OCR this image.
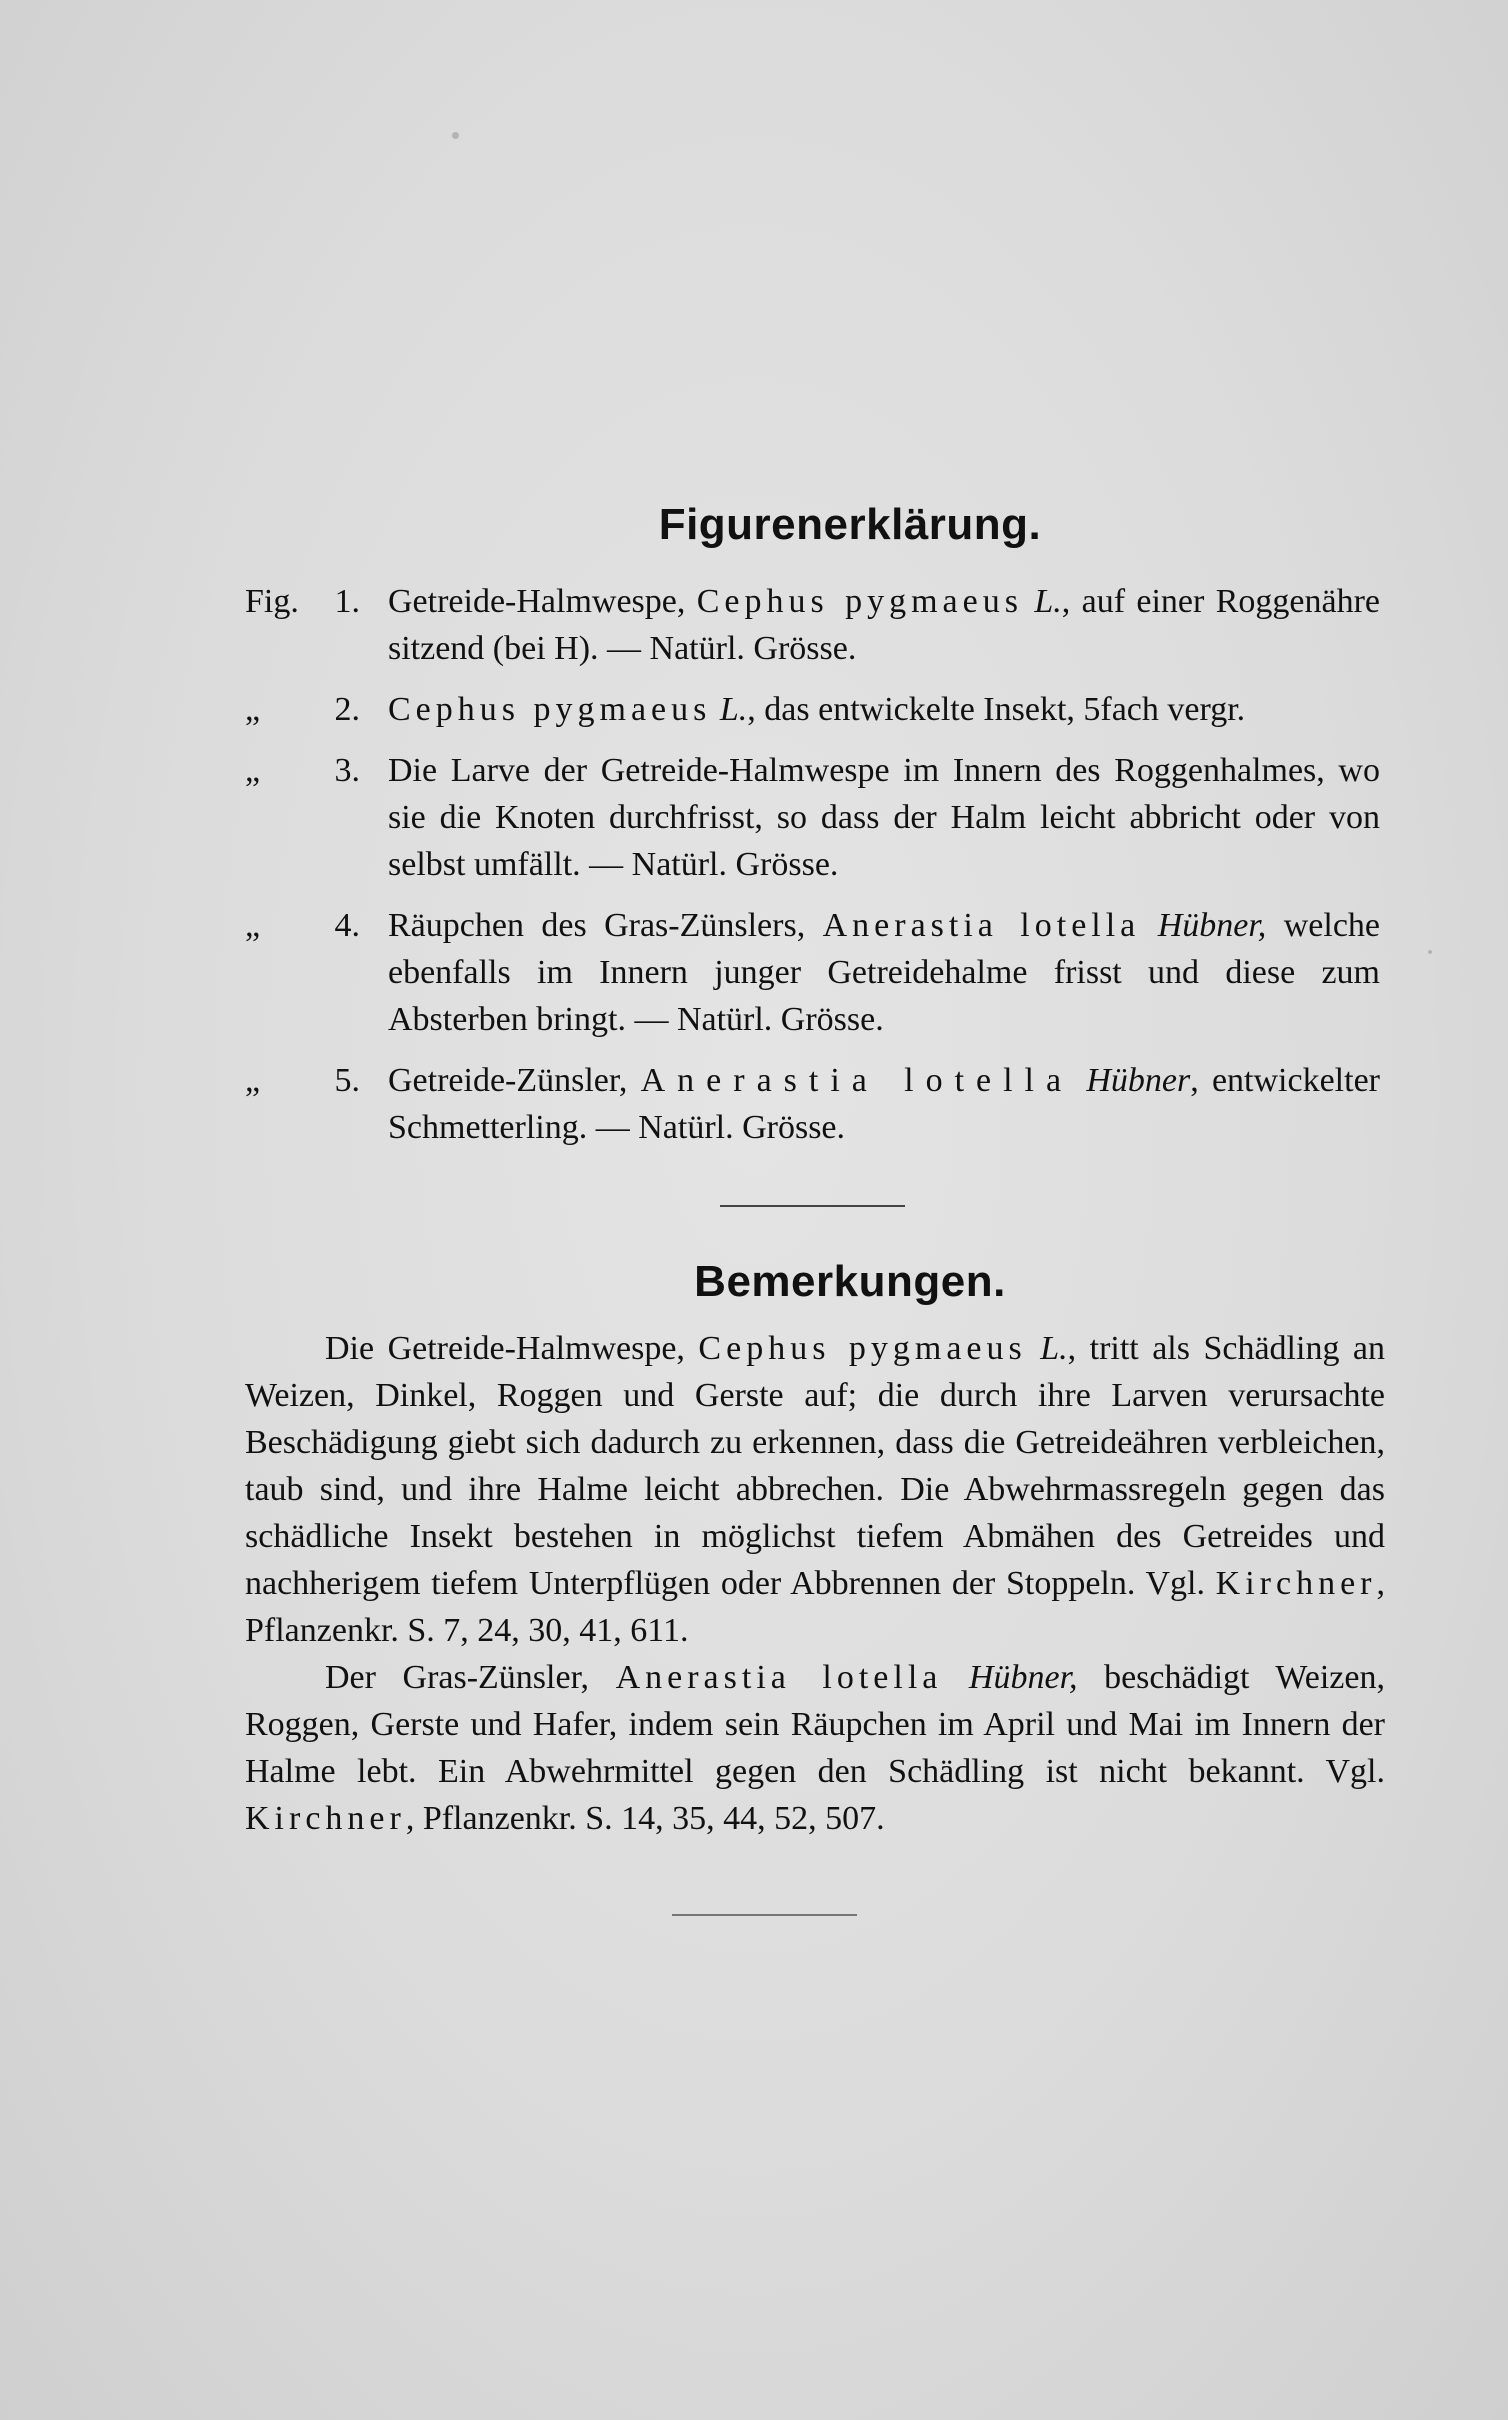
Figurenerklärung.
Fig.	1. Getreide-Halmwespe, Cephus pygmaeus L., auf einer Roggenähre sitzend (bei H). — Natürl. Grösse.
„	2. Cephus pygmaeus L., das entwickelte Insekt, 5fach vergr.
„	3. Die Larve der Getreide-Halmwespe im Innern des Roggenhalmes, wo sie die Knoten durchfrisst, so dass der Halm leicht abbricht oder von selbst umfällt. — Natürl. Grösse.
„	4. Räupchen des Gras-Zünslers, Anerastia lotella Hübner, welche ebenfalls im Innern junger Getreidehalme frisst und diese zum Absterben bringt. — Natürl. Grösse.
„	5. Getreide-Zünsler, Anerastia lotella Hübner, entwickelter Schmetterling. — Natürl. Grösse.
Bemerkungen.

Die Getreide-Halmwespe, Cephus pygmaeus L., tritt als Schädling an Weizen, Dinkel, Roggen und Gerste auf; die durch ihre Larven verursachte Beschädigung giebt sich dadurch zu erkennen, dass die Getreideähren verbleichen, taub sind, und ihre Halme leicht abbrechen. Die Abwehrmassregeln gegen das schädliche Insekt bestehen in möglichst tiefem Abmähen des Getreides und nachherigem tiefem Unterpflügen oder Abbrennen der Stoppeln. Vgl. Kirchner, Pflanzenkr. S. 7, 24, 30, 41, 611.

Der Gras-Zünsler, Anerastia lotella Hübner, beschädigt Weizen, Roggen, Gerste und Hafer, indem sein Räupchen im April und Mai im Innern der Halme lebt. Ein Abwehrmittel gegen den Schädling ist nicht bekannt. Vgl. Kirchner, Pflanzenkr. S. 14, 35, 44, 52, 507.
